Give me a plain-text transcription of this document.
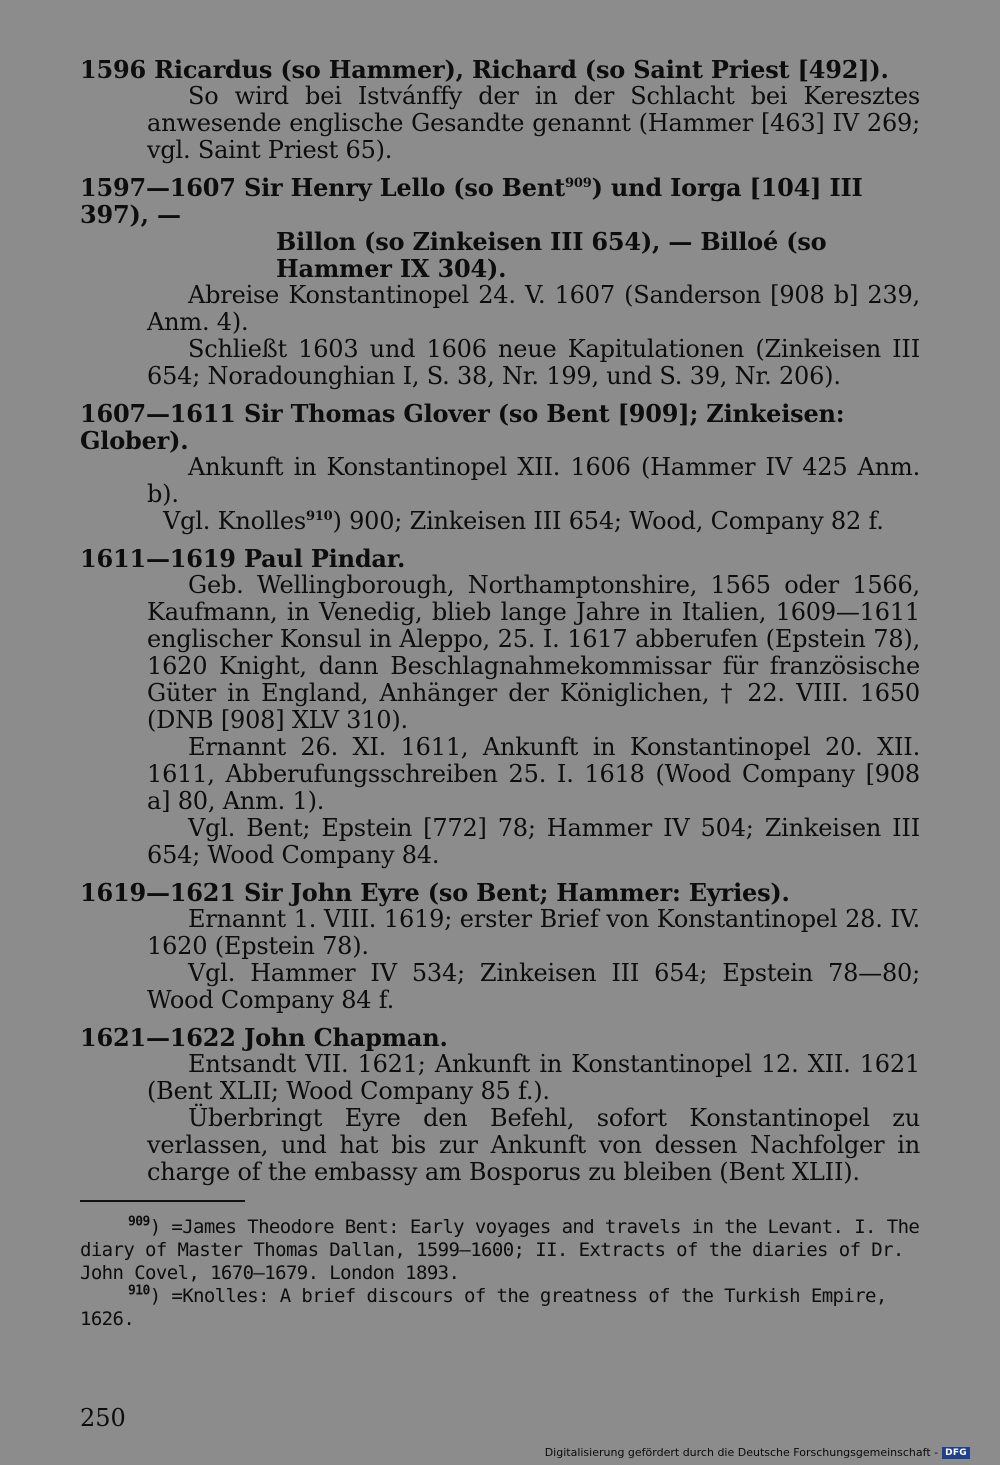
1596 Ricardus (so Hammer), Richard (so Saint Priest [492]).
So wird bei Istvánffy der in der Schlacht bei Keresztes anwesende englische Gesandte genannt (Hammer [463] IV 269; vgl. Saint Priest 65).
1597—1607 Sir Henry Lello (so Bent$^{909}$) und Iorga [104] III 397), —
Billon (so Zinkeisen III 654), — Billoé (so Hammer IX 304).
Abreise Konstantinopel 24. V. 1607 (Sanderson [908 b] 239, Anm. 4).
Schließt 1603 und 1606 neue Kapitulationen (Zinkeisen III 654; Noradounghian I, S. 38, Nr. 199, und S. 39, Nr. 206).
1607—1611 Sir Thomas Glover (so Bent [909]; Zinkeisen: Glober).
Ankunft in Konstantinopel XII. 1606 (Hammer IV 425 Anm. b).
Vgl. Knolles$^{910}$) 900; Zinkeisen III 654; Wood, Company 82 f.
1611—1619 Paul Pindar.
Geb. Wellingborough, Northamptonshire, 1565 oder 1566, Kaufmann, in Venedig, blieb lange Jahre in Italien, 1609—1611 englischer Konsul in Aleppo, 25. I. 1617 abberufen (Epstein 78), 1620 Knight, dann Beschlagnahmekommissar für französische Güter in England, Anhänger der Königlichen, † 22. VIII. 1650 (DNB [908] XLV 310).
Ernannt 26. XI. 1611, Ankunft in Konstantinopel 20. XII. 1611, Abberufungsschreiben 25. I. 1618 (Wood Company [908 a] 80, Anm. 1).
Vgl. Bent; Epstein [772] 78; Hammer IV 504; Zinkeisen III 654; Wood Company 84.
1619—1621 Sir John Eyre (so Bent; Hammer: Eyries).
Ernannt 1. VIII. 1619; erster Brief von Konstantinopel 28. IV. 1620 (Epstein 78).
Vgl. Hammer IV 534; Zinkeisen III 654; Epstein 78—80; Wood Company 84 f.
1621—1622 John Chapman.
Entsandt VII. 1621; Ankunft in Konstantinopel 12. XII. 1621 (Bent XLII; Wood Company 85 f.).
Überbringt Eyre den Befehl, sofort Konstantinopel zu verlassen, und hat bis zur Ankunft von dessen Nachfolger in charge of the embassy am Bosporus zu bleiben (Bent XLII).
$^{909}$) =James Theodore Bent: Early voyages and travels in the Levant. I. The diary of Master Thomas Dallan, 1599—1600; II. Extracts of the diaries of Dr. John Covel, 1670—1679. London 1893.
$^{910}$) =Knolles: A brief discours of the greatness of the Turkish Empire, 1626.
250
Digitalisierung gefördert durch die Deutsche Forschungsgemeinschaft - DFG
